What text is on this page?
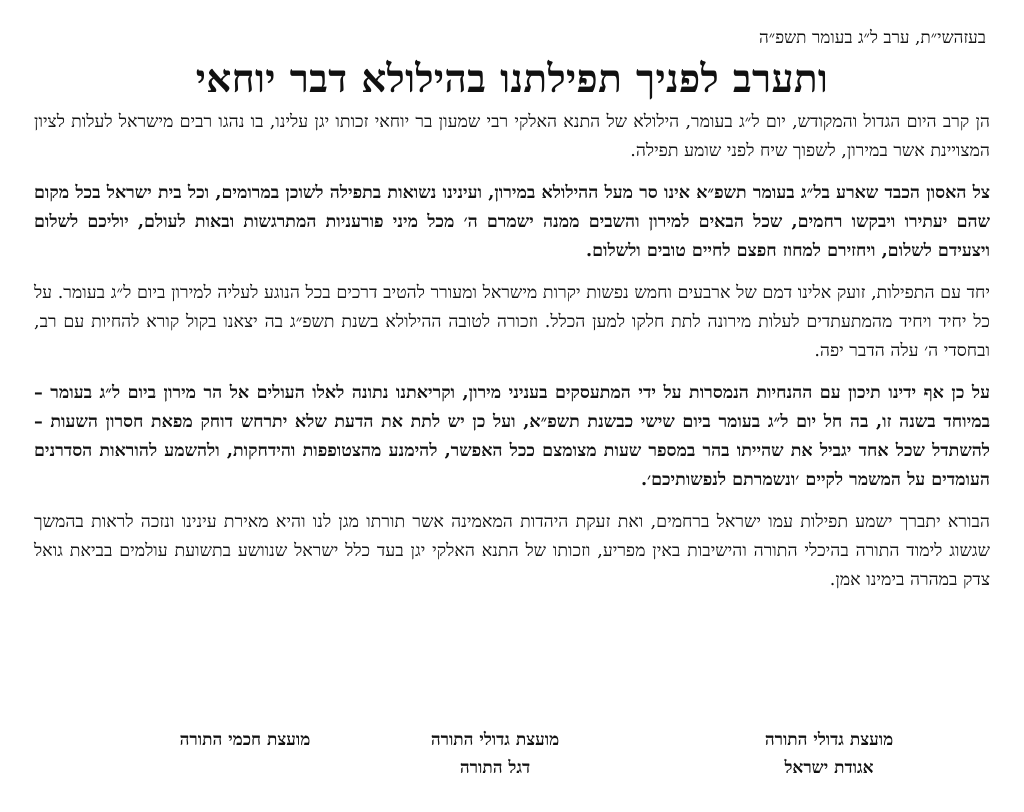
בעזהשי״ת, ערב ל״ג בעומר תשפ״ה
ותערב לפניך תפילתנו בהילולא דבר יוחאי

הן קרב היום הגדול והמקודש, יום ל״ג בעומר, הילולא של התנא האלקי רבי שמעון בר יוחאי זכותו יגן עלינו, בו נהגו רבים מישראל לעלות לציון המצויינת אשר במירון, לשפוך שיח לפני שומע תפילה.

צל האסון הכבד שארע בל״ג בעומר תשפ״א אינו סר מעל ההילולא במירון, ועינינו נשואות בתפילה לשוכן במרומים, וכל בית ישראל בכל מקום שהם יעתירו ויבקשו רחמים, שכל הבאים למירון והשבים ממנה ישמרם ה׳ מכל מיני פורעניות המתרגשות ובאות לעולם, יוליכם לשלום ויצעידם לשלום, ויחזירם למחוז חפצם לחיים טובים ולשלום.

יחד עם התפילות, זועק אלינו דמם של ארבעים וחמש נפשות יקרות מישראל ומעורר להטיב דרכים בכל הנוגע לעליה למירון ביום ל״ג בעומר. על כל יחיד ויחיד מהמתעתדים לעלות מירונה לתת חלקו למען הכלל. וזכורה לטובה ההילולא בשנת תשפ״ג בה יצאנו בקול קורא להחיות עם רב, ובחסדי ה׳ עלה הדבר יפה.

על כן אף ידינו תיכון עם ההנחיות הנמסרות על ידי המתעסקים בעניני מירון, וקריאתנו נתונה לאלו העולים אל הר מירון ביום ל״ג בעומר – במיוחד בשנה זו, בה חל יום ל״ג בעומר ביום שישי כבשנת תשפ״א, ועל כן יש לתת את הדעת שלא יתרחש דוחק מפאת חסרון השעות – להשתדל שכל אחד יגביל את שהייתו בהר במספר שעות מצומצם ככל האפשר, להימנע מהצטופפות והידחקות, ולהשמע להוראות הסדרנים העומדים על המשמר לקיים ׳ונשמרתם לנפשותיכם׳.

הבורא יתברך ישמע תפילות עמו ישראל ברחמים, ואת זעקת היהדות המאמינה אשר תורתו מגן לנו והיא מאירת עינינו ונזכה לראות בהמשך שגשוג לימוד התורה בהיכלי התורה והישיבות באין מפריע, וזכותו של התנא האלקי יגן בעד כלל ישראל שנוושע בתשועת עולמים בביאת גואל צדק במהרה בימינו אמן.

מועצת גדולי התורה
אגודת ישראל
מועצת גדולי התורה
דגל התורה
מועצת חכמי התורה
